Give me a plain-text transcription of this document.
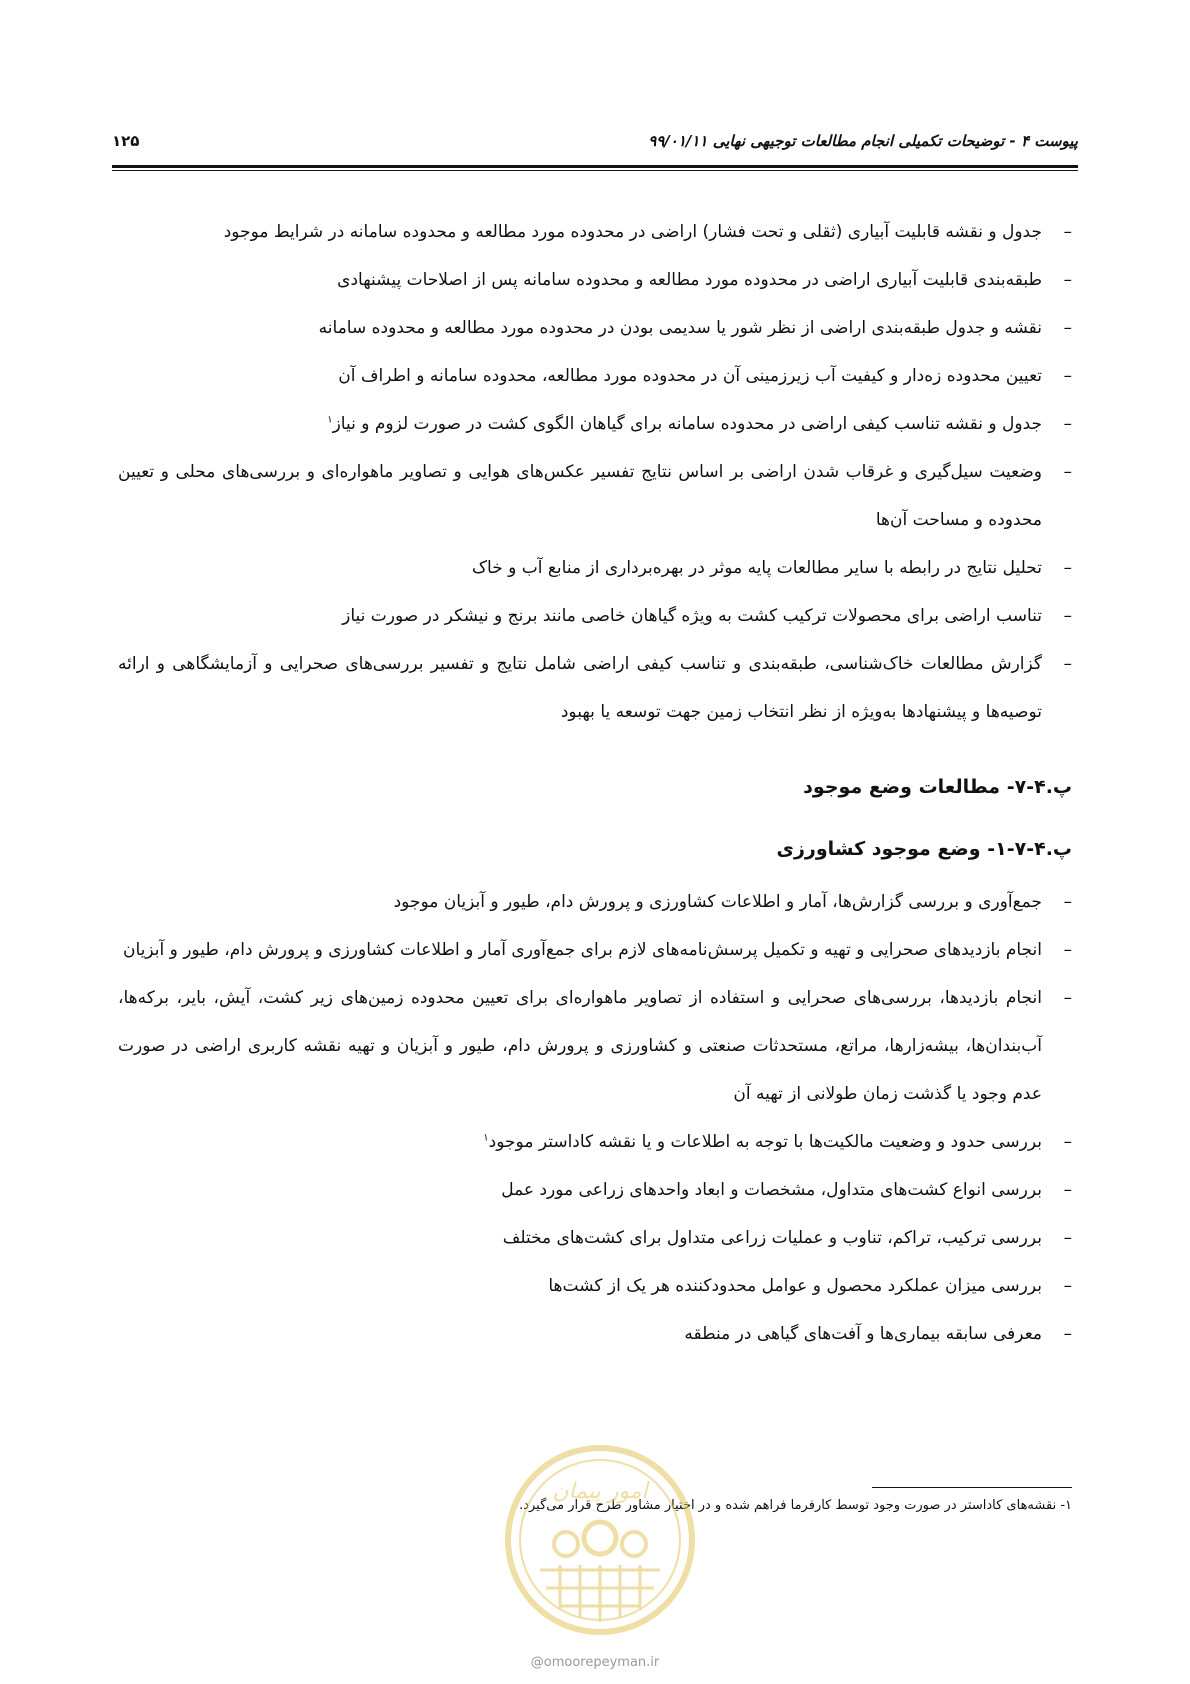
پیوست ۴ - توضیحات تکمیلی انجام مطالعات توجیهی نهایی ۹۹/۰۱/۱۱
۱۲۵
–
جدول و نقشه قابلیت آبیاری (ثقلی و تحت فشار) اراضی در محدوده مورد مطالعه و محدوده سامانه در شرایط موجود
–
طبقه‌بندی قابلیت آبیاری اراضی در محدوده مورد مطالعه و محدوده سامانه پس از اصلاحات پیشنهادی
–
نقشه و جدول طبقه‌بندی اراضی از نظر شور یا سدیمی بودن در محدوده مورد مطالعه و محدوده سامانه
–
تعیین محدوده زه‌دار و کیفیت آب زیرزمینی آن در محدوده مورد مطالعه، محدوده سامانه و اطراف آن
–
جدول و نقشه تناسب کیفی اراضی در محدوده سامانه برای گیاهان الگوی کشت در صورت لزوم و نیاز$^۱$
–
وضعیت سیل‌گیری و غرقاب شدن اراضی بر اساس نتایج تفسیر عکس‌های هوایی و تصاویر ماهواره‌ای و بررسی‌های محلی و تعیین محدوده و مساحت آن‌ها
–
تحلیل نتایج در رابطه با سایر مطالعات پایه موثر در بهره‌برداری از منابع آب و خاک
–
تناسب اراضی برای محصولات ترکیب کشت به ویژه گیاهان خاصی مانند برنج و نیشکر در صورت نیاز
–
گزارش مطالعات خاک‌شناسی، طبقه‌بندی و تناسب کیفی اراضی شامل نتایج و تفسیر بررسی‌های صحرایی و آزمایشگاهی و ارائه توصیه‌ها و پیشنهادها به‌ویژه از نظر انتخاب زمین جهت توسعه یا بهبود
پ.۴-۷- مطالعات وضع موجود
پ.۴-۷-۱- وضع موجود کشاورزی
–
جمع‌آوری و بررسی گزارش‌ها، آمار و اطلاعات کشاورزی و پرورش دام، طیور و آبزیان موجود
–
انجام بازدیدهای صحرایی و تهیه و تکمیل پرسش‌نامه‌های لازم برای جمع‌آوری آمار و اطلاعات کشاورزی و پرورش دام، طیور و آبزیان
–
انجام بازدیدها، بررسی‌های صحرایی و استفاده از تصاویر ماهواره‌ای برای تعیین محدوده زمین‌های زیر کشت، آیش، بایر، برکه‌ها، آب‌بندان‌ها، بیشه‌زارها، مراتع، مستحدثات صنعتی و کشاورزی و پرورش دام، طیور و آبزیان و تهیه نقشه کاربری اراضی در صورت عدم وجود یا گذشت زمان طولانی از تهیه آن
–
بررسی حدود و وضعیت مالکیت‌ها با توجه به اطلاعات و یا نقشه کاداستر موجود$^۱$
–
بررسی انواع کشت‌های متداول، مشخصات و ابعاد واحدهای زراعی مورد عمل
–
بررسی ترکیب، تراکم، تناوب و عملیات زراعی متداول برای کشت‌های مختلف
–
بررسی میزان عملکرد محصول و عوامل محدودکننده هر یک از کشت‌ها
–
معرفی سابقه بیماری‌ها و آفت‌های گیاهی در منطقه
۱- نقشه‌های کاداستر در صورت وجود توسط کارفرما فراهم شده و در اختیار مشاور طرح قرار می‌گیرد.
امور پیمان
@omoorepeyman.ir
